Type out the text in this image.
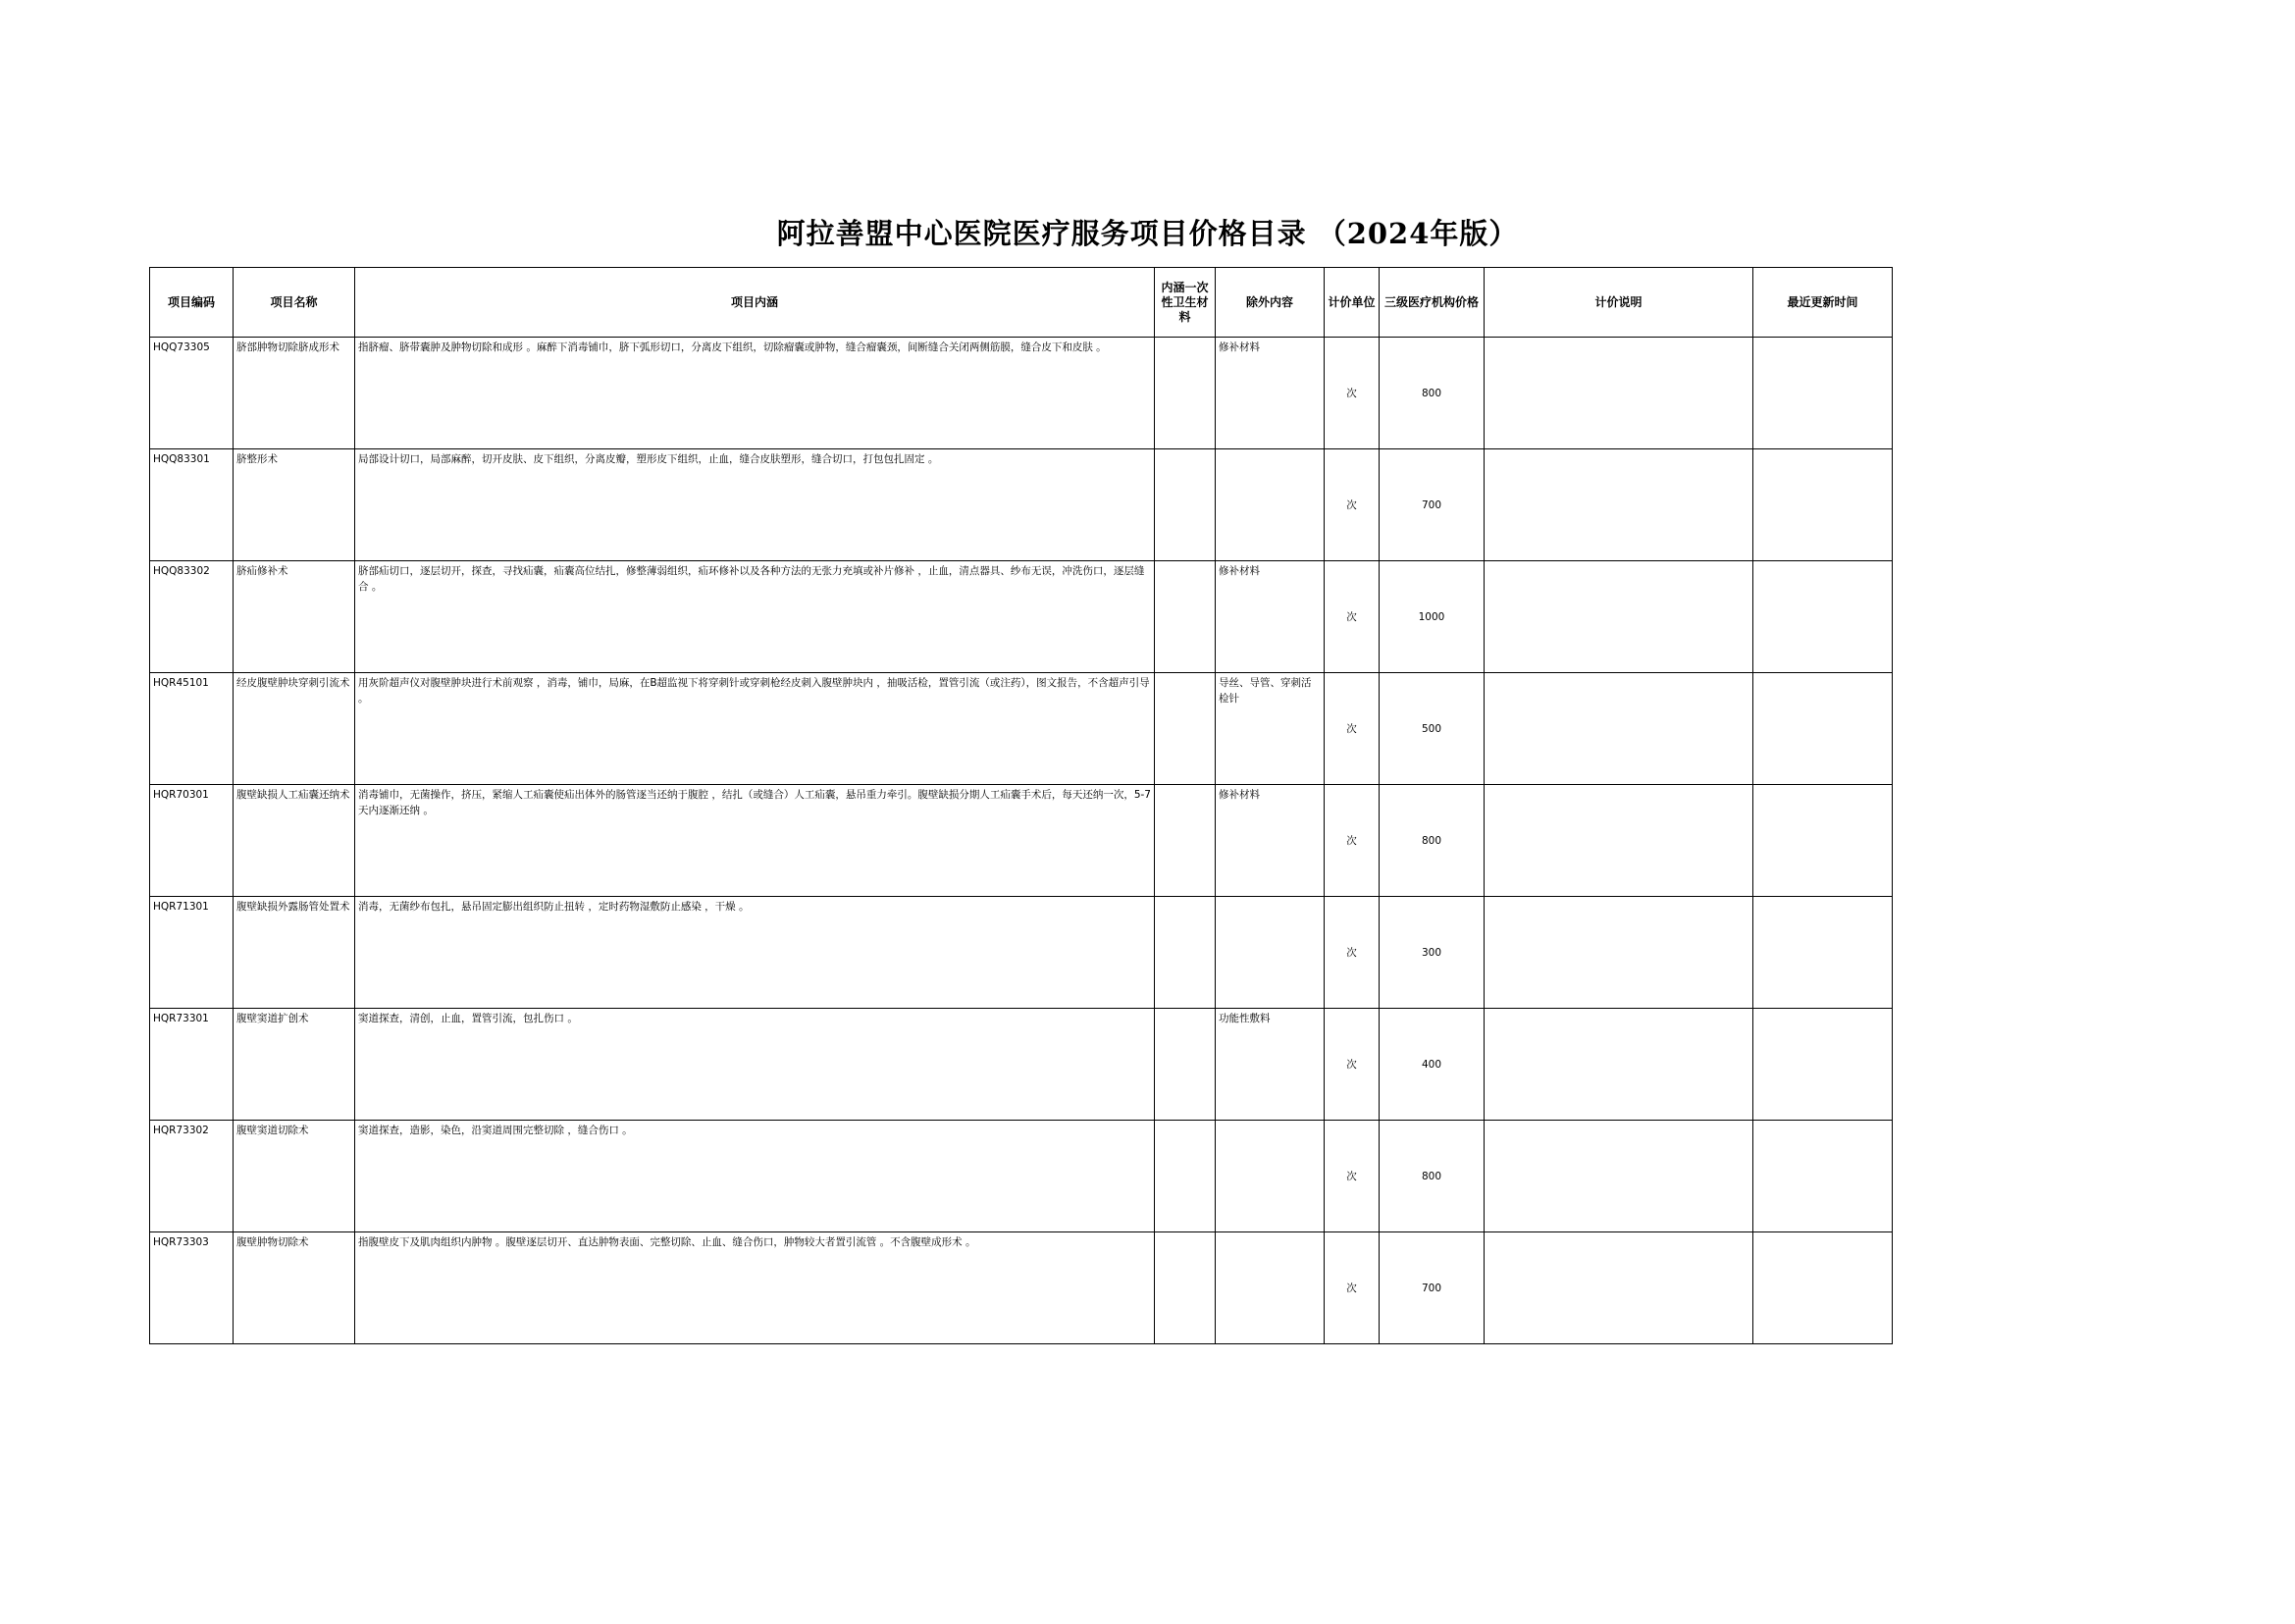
阿拉善盟中心医院医疗服务项目价格目录 （2024年版）
项目编码	项目名称	项目内涵	内涵一次性卫生材料	除外内容	计价单位	三级医疗机构价格	计价说明	最近更新时间
HQQ73305	脐部肿物切除脐成形术	指脐瘤、脐带囊肿及肿物切除和成形 。麻醉下消毒铺巾，脐下弧形切口，分离皮下组织，切除瘤囊或肿物，缝合瘤囊颈，间断缝合关闭两侧筋膜，缝合皮下和皮肤 。		修补材料	次	800		
HQQ83301	脐整形术	局部设计切口，局部麻醉，切开皮肤、皮下组织，分离皮瓣，塑形皮下组织，止血，缝合皮肤塑形，缝合切口，打包包扎固定 。			次	700		
HQQ83302	脐疝修补术	脐部疝切口，逐层切开，探查，寻找疝囊，疝囊高位结扎，修整薄弱组织，疝环修补以及各种方法的无张力充填或补片修补 ，止血，清点器具、纱布无误，冲洗伤口，逐层缝合 。		修补材料	次	1000		
HQR45101	经皮腹壁肿块穿刺引流术	用灰阶超声仪对腹壁肿块进行术前观察 ，消毒，铺巾，局麻，在B超监视下将穿刺针或穿刺枪经皮刺入腹壁肿块内 ，抽吸活检，置管引流（或注药），图文报告，不含超声引导 。		导丝、导管、穿刺活检针	次	500		
HQR70301	腹壁缺损人工疝囊还纳术	消毒铺巾，无菌操作，挤压，紧缩人工疝囊使疝出体外的肠管逐当还纳于腹腔 ，结扎（或缝合）人工疝囊，悬吊重力牵引。腹壁缺损分期人工疝囊手术后，每天还纳一次，5-7天内逐渐还纳 。		修补材料	次	800		
HQR71301	腹壁缺损外露肠管处置术	消毒，无菌纱布包扎，悬吊固定膨出组织防止扭转 ，定时药物湿敷防止感染 ，干燥 。			次	300		
HQR73301	腹壁窦道扩创术	窦道探查，清创，止血，置管引流，包扎伤口 。		功能性敷料	次	400		
HQR73302	腹壁窦道切除术	窦道探查，造影，染色，沿窦道周围完整切除 ，缝合伤口 。			次	800		
HQR73303	腹壁肿物切除术	指腹壁皮下及肌肉组织内肿物 。腹壁逐层切开、直达肿物表面、完整切除、止血、缝合伤口，肿物较大者置引流管 。不含腹壁成形术 。			次	700		
